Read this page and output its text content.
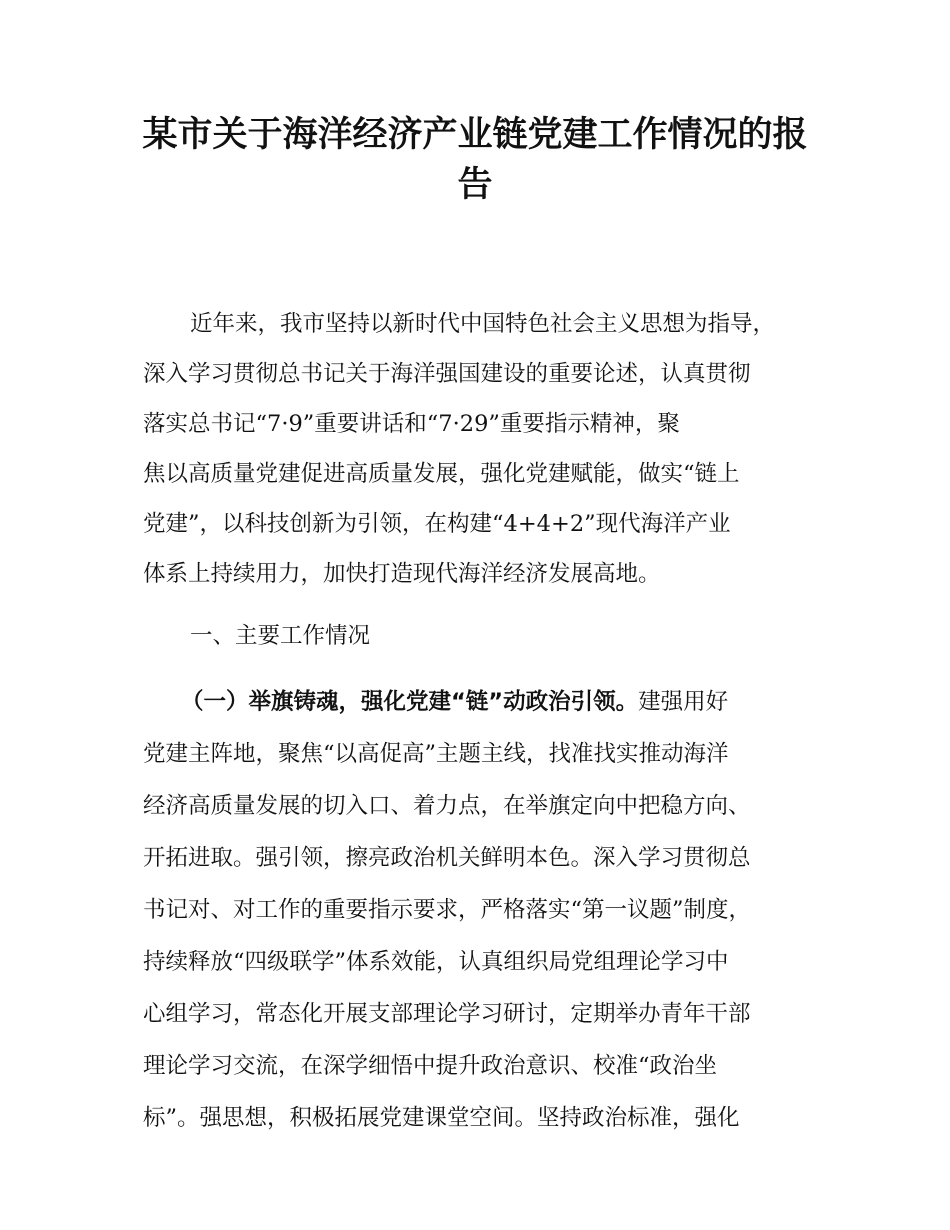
某市关于海洋经济产业链党建工作情况的报
告
近年来，我市坚持以新时代中国特色社会主义思想为指导，
深入学习贯彻总书记关于海洋强国建设的重要论述，认真贯彻
落实总书记“7·9”重要讲话和“7·29”重要指示精神，聚
焦以高质量党建促进高质量发展，强化党建赋能，做实“链上
党建”，以科技创新为引领，在构建“4+4+2”现代海洋产业
体系上持续用力，加快打造现代海洋经济发展高地。
一、主要工作情况
（一）举旗铸魂，强化党建“链”动政治引领。建强用好
党建主阵地，聚焦“以高促高”主题主线，找准找实推动海洋
经济高质量发展的切入口、着力点，在举旗定向中把稳方向、
开拓进取。强引领，擦亮政治机关鲜明本色。深入学习贯彻总
书记对、对工作的重要指示要求，严格落实“第一议题”制度，
持续释放“四级联学”体系效能，认真组织局党组理论学习中
心组学习，常态化开展支部理论学习研讨，定期举办青年干部
理论学习交流，在深学细悟中提升政治意识、校准“政治坐
标”。强思想，积极拓展党建课堂空间。坚持政治标准，强化
